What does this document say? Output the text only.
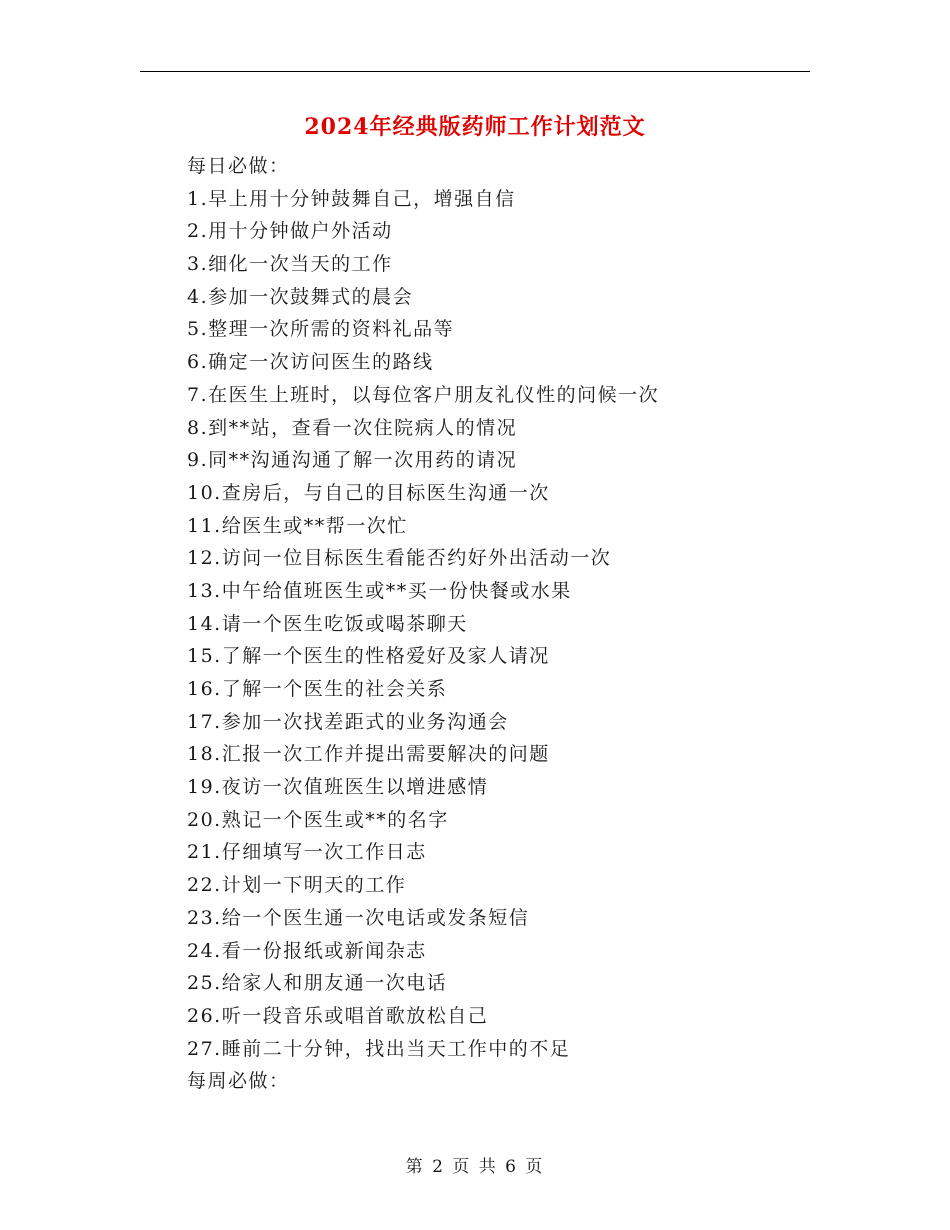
2024年经典版药师工作计划范文
每日必做：
1.早上用十分钟鼓舞自己，增强自信
2.用十分钟做户外活动
3.细化一次当天的工作
4.参加一次鼓舞式的晨会
5.整理一次所需的资料礼品等
6.确定一次访问医生的路线
7.在医生上班时，以每位客户朋友礼仪性的问候一次
8.到**站，查看一次住院病人的情况
9.同**沟通沟通了解一次用药的请况
10.查房后，与自己的目标医生沟通一次
11.给医生或**帮一次忙
12.访问一位目标医生看能否约好外出活动一次
13.中午给值班医生或**买一份快餐或水果
14.请一个医生吃饭或喝茶聊天
15.了解一个医生的性格爱好及家人请况
16.了解一个医生的社会关系
17.参加一次找差距式的业务沟通会
18.汇报一次工作并提出需要解决的问题
19.夜访一次值班医生以增进感情
20.熟记一个医生或**的名字
21.仔细填写一次工作日志
22.计划一下明天的工作
23.给一个医生通一次电话或发条短信
24.看一份报纸或新闻杂志
25.给家人和朋友通一次电话
26.听一段音乐或唱首歌放松自己
27.睡前二十分钟，找出当天工作中的不足
每周必做：
第 2 页 共 6 页
